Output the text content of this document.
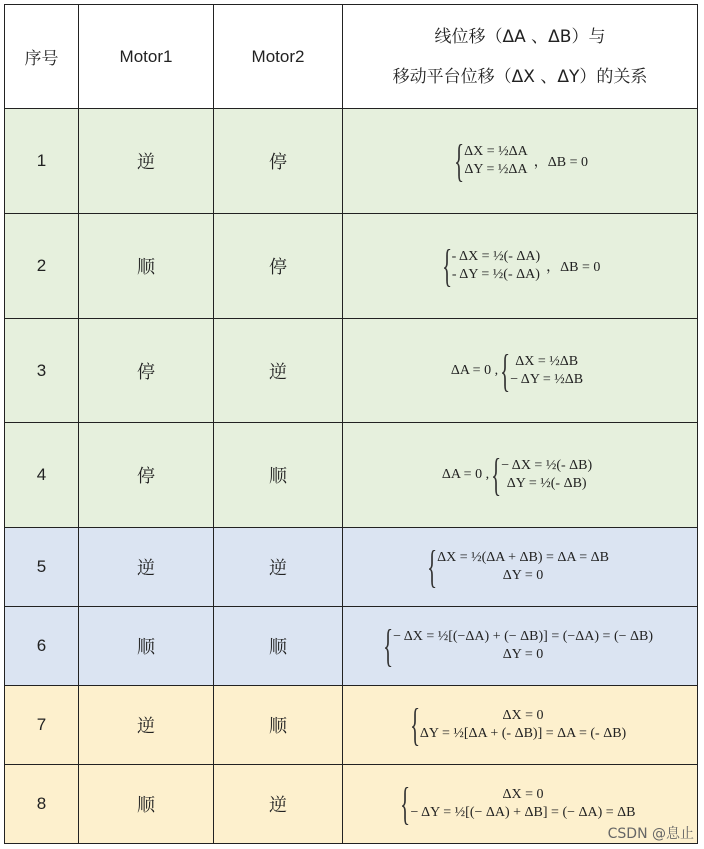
序号	Motor1	Motor2	线位移（ΔA 、ΔB）与
移动平台位移（ΔX 、ΔY）的关系

1	逆	停	{ ΔX = ½ΔA
ΔY = ½ΔA ，ΔB = 0

2	顺	停	{ - ΔX = ½(- ΔA)
- ΔY = ½(- ΔA) ，ΔB = 0

3	停	逆	ΔA = 0 , { ΔX = ½ΔB
− ΔY = ½ΔB

4	停	顺	ΔA = 0 , { − ΔX = ½(- ΔB)
ΔY = ½(- ΔB)

5	逆	逆	{ ΔX = ½(ΔA + ΔB) = ΔA = ΔB
ΔY = 0

6	顺	顺	{ − ΔX = ½[(−ΔA) + (− ΔB)] = (−ΔA) = (− ΔB)
ΔY = 0

7	逆	顺	{ ΔX = 0
ΔY = ½[ΔA + (- ΔB)] = ΔA = (- ΔB)

8	顺	逆	{ ΔX = 0
− ΔY = ½[(− ΔA) + ΔB] = (− ΔA) = ΔB
CSDN @息止
